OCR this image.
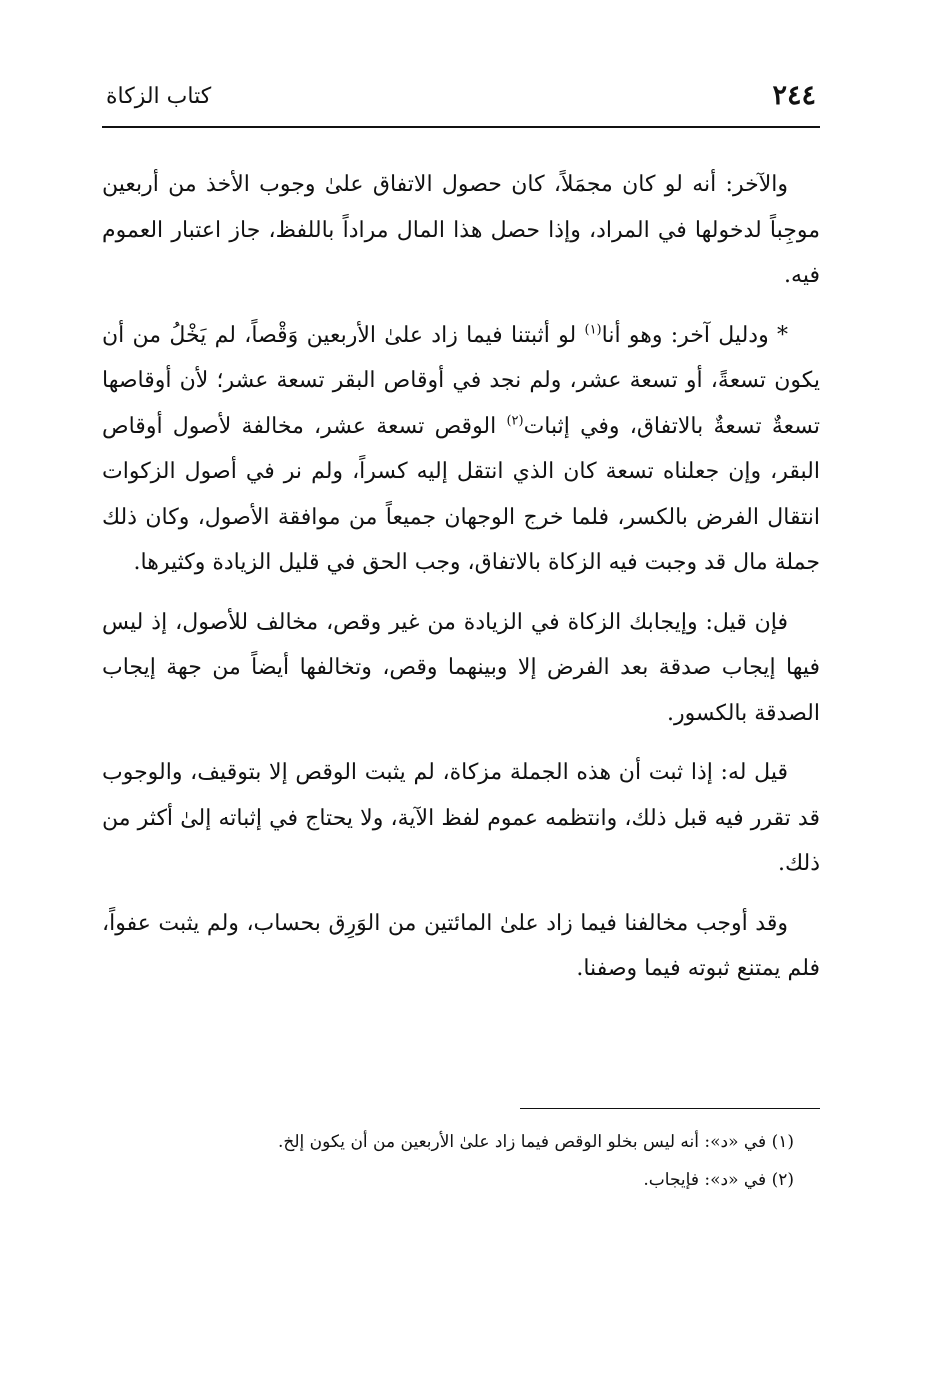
٢٤٤
كتاب الزكاة

والآخر: أنه لو كان مجمَلاً، كان حصول الاتفاق علىٰ وجوب الأخذ من أربعين موجِباً لدخولها في المراد، وإذا حصل هذا المال مراداً باللفظ، جاز اعتبار العموم فيه.

* ودليل آخر: وهو أنا$^{(١)}$ لو أثبتنا فيما زاد علىٰ الأربعين وَقْصاً، لم يَخْلُ من أن يكون تسعةً، أو تسعة عشر، ولم نجد في أوقاص البقر تسعة عشر؛ لأن أوقاصها تسعةٌ تسعةٌ بالاتفاق، وفي إثبات$^{(٢)}$ الوقص تسعة عشر، مخالفة لأصول أوقاص البقر، وإن جعلناه تسعة كان الذي انتقل إليه كسراً، ولم نر في أصول الزكوات انتقال الفرض بالكسر، فلما خرج الوجهان جميعاً من موافقة الأصول، وكان ذلك جملة مال قد وجبت فيه الزكاة بالاتفاق، وجب الحق في قليل الزيادة وكثيرها.

فإن قيل: وإيجابك الزكاة في الزيادة من غير وقص، مخالف للأصول، إذ ليس فيها إيجاب صدقة بعد الفرض إلا وبينهما وقص، وتخالفها أيضاً من جهة إيجاب الصدقة بالكسور.

قيل له: إذا ثبت أن هذه الجملة مزكاة، لم يثبت الوقص إلا بتوقيف، والوجوب قد تقرر فيه قبل ذلك، وانتظمه عموم لفظ الآية، ولا يحتاج في إثباته إلىٰ أكثر من ذلك.

وقد أوجب مخالفنا فيما زاد علىٰ المائتين من الوَرِق بحساب، ولم يثبت عفواً، فلم يمتنع ثبوته فيما وصفنا.

(١) في «د»: أنه ليس بخلو الوقص فيما زاد علىٰ الأربعين من أن يكون إلخ.

(٢) في «د»: فإيجاب.
